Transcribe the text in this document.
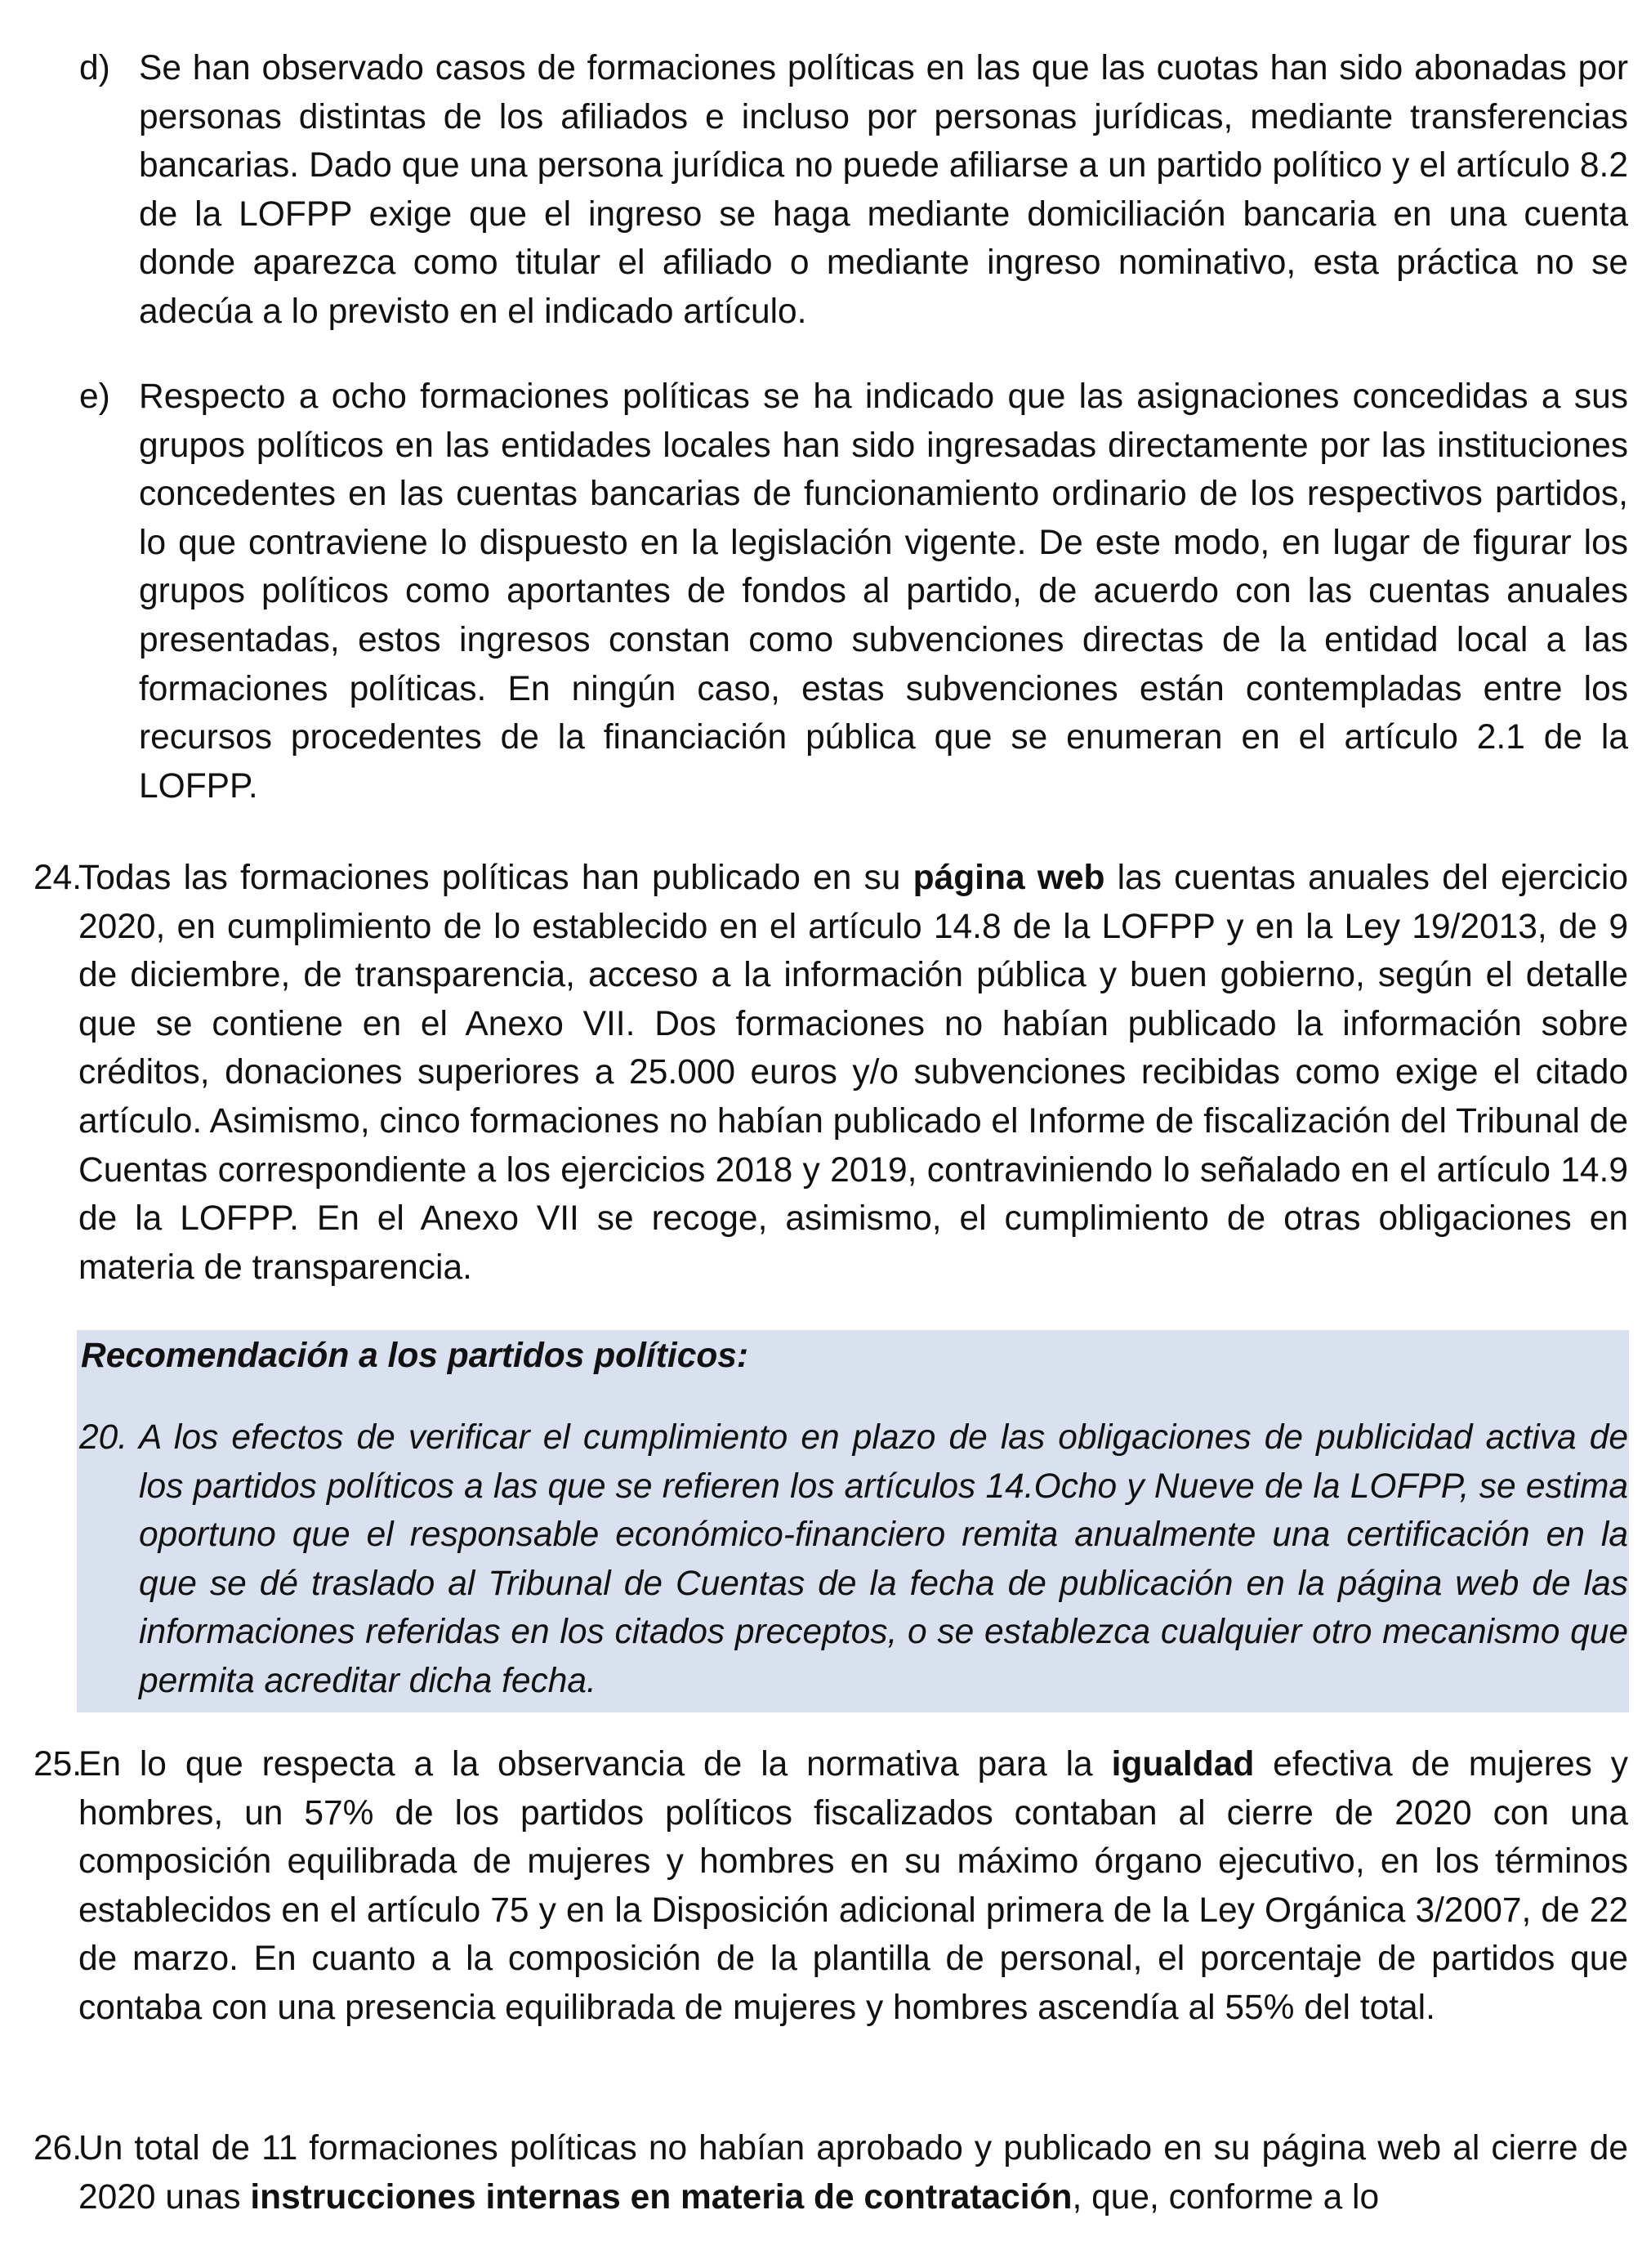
d) Se han observado casos de formaciones políticas en las que las cuotas han sido abonadas por personas distintas de los afiliados e incluso por personas jurídicas, mediante transferencias bancarias. Dado que una persona jurídica no puede afiliarse a un partido político y el artículo 8.2 de la LOFPP exige que el ingreso se haga mediante domiciliación bancaria en una cuenta donde aparezca como titular el afiliado o mediante ingreso nominativo, esta práctica no se adecúa a lo previsto en el indicado artículo.
e) Respecto a ocho formaciones políticas se ha indicado que las asignaciones concedidas a sus grupos políticos en las entidades locales han sido ingresadas directamente por las instituciones concedentes en las cuentas bancarias de funcionamiento ordinario de los respectivos partidos, lo que contraviene lo dispuesto en la legislación vigente. De este modo, en lugar de figurar los grupos políticos como aportantes de fondos al partido, de acuerdo con las cuentas anuales presentadas, estos ingresos constan como subvenciones directas de la entidad local a las formaciones políticas. En ningún caso, estas subvenciones están contempladas entre los recursos procedentes de la financiación pública que se enumeran en el artículo 2.1 de la LOFPP.
24.
Todas las formaciones políticas han publicado en su página web las cuentas anuales del ejercicio 2020, en cumplimiento de lo establecido en el artículo 14.8 de la LOFPP y en la Ley 19/2013, de 9 de diciembre, de transparencia, acceso a la información pública y buen gobierno, según el detalle que se contiene en el Anexo VII. Dos formaciones no habían publicado la información sobre créditos, donaciones superiores a 25.000 euros y/o subvenciones recibidas como exige el citado artículo. Asimismo, cinco formaciones no habían publicado el Informe de fiscalización del Tribunal de Cuentas correspondiente a los ejercicios 2018 y 2019, contraviniendo lo señalado en el artículo 14.9 de la LOFPP. En el Anexo VII se recoge, asimismo, el cumplimiento de otras obligaciones en materia de transparencia.

Recomendación a los partidos políticos:

20. A los efectos de verificar el cumplimiento en plazo de las obligaciones de publicidad activa de los partidos políticos a las que se refieren los artículos 14.Ocho y Nueve de la LOFPP, se estima oportuno que el responsable económico-financiero remita anualmente una certificación en la que se dé traslado al Tribunal de Cuentas de la fecha de publicación en la página web de las informaciones referidas en los citados preceptos, o se establezca cualquier otro mecanismo que permita acreditar dicha fecha.
25.
En lo que respecta a la observancia de la normativa para la igualdad efectiva de mujeres y hombres, un 57% de los partidos políticos fiscalizados contaban al cierre de 2020 con una composición equilibrada de mujeres y hombres en su máximo órgano ejecutivo, en los términos establecidos en el artículo 75 y en la Disposición adicional primera de la Ley Orgánica 3/2007, de 22 de marzo. En cuanto a la composición de la plantilla de personal, el porcentaje de partidos que contaba con una presencia equilibrada de mujeres y hombres ascendía al 55% del total.
26.
Un total de 11 formaciones políticas no habían aprobado y publicado en su página web al cierre de 2020 unas instrucciones internas en materia de contratación, que, conforme a lo
